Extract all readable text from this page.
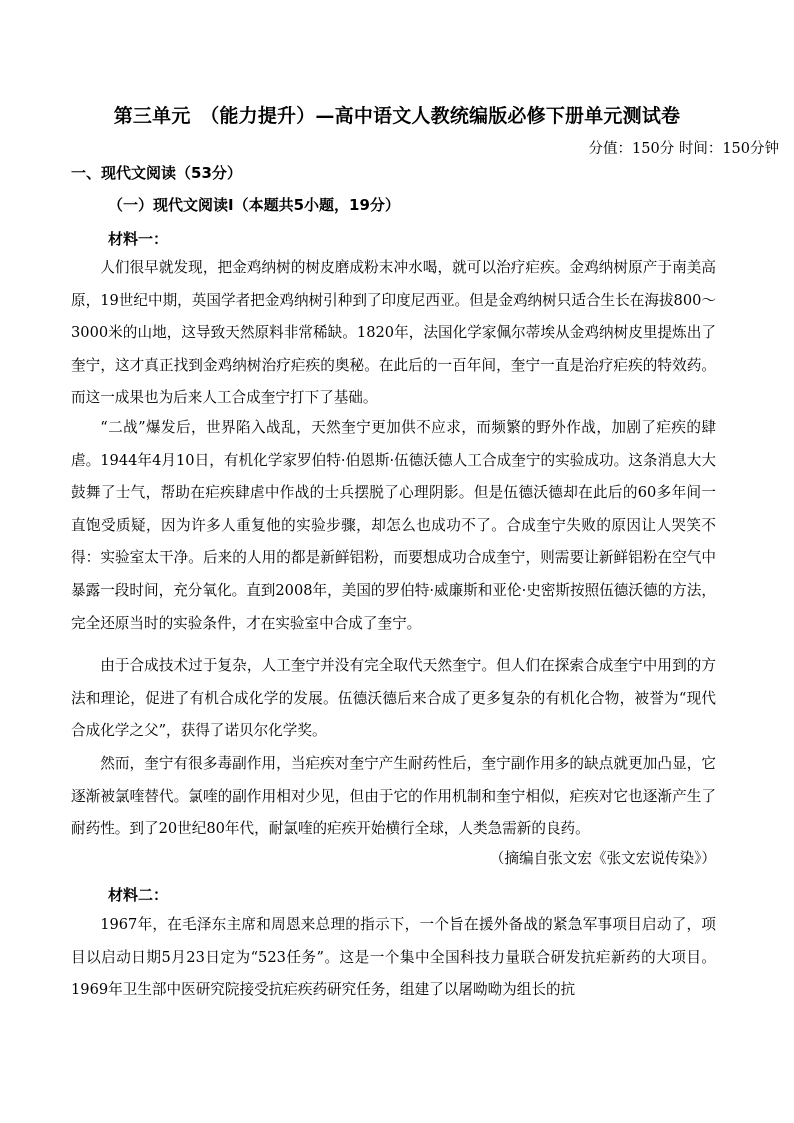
第三单元　（能力提升）—高中语文人教统编版必修下册单元测试卷
分值：150分 时间：150分钟
一、现代文阅读（53分）
（一）现代文阅读Ⅰ（本题共5小题，19分）
材料一：

人们很早就发现，把金鸡纳树的树皮磨成粉末冲水喝，就可以治疗疟疾。金鸡纳树原产于南美高原，19世纪中期，英国学者把金鸡纳树引种到了印度尼西亚。但是金鸡纳树只适合生长在海拔800～3000米的山地，这导致天然原料非常稀缺。1820年，法国化学家佩尔蒂埃从金鸡纳树皮里提炼出了奎宁，这才真正找到金鸡纳树治疗疟疾的奥秘。在此后的一百年间，奎宁一直是治疗疟疾的特效药。而这一成果也为后来人工合成奎宁打下了基础。

“二战”爆发后，世界陷入战乱，天然奎宁更加供不应求，而频繁的野外作战，加剧了疟疾的肆虐。1944年4月10日，有机化学家罗伯特·伯恩斯·伍德沃德人工合成奎宁的实验成功。这条消息大大鼓舞了士气，帮助在疟疾肆虐中作战的士兵摆脱了心理阴影。但是伍德沃德却在此后的60多年间一直饱受质疑，因为许多人重复他的实验步骤，却怎么也成功不了。合成奎宁失败的原因让人哭笑不得：实验室太干净。后来的人用的都是新鲜铝粉，而要想成功合成奎宁，则需要让新鲜铝粉在空气中暴露一段时间，充分氧化。直到2008年，美国的罗伯特·威廉斯和亚伦·史密斯按照伍德沃德的方法，完全还原当时的实验条件，才在实验室中合成了奎宁。

由于合成技术过于复杂，人工奎宁并没有完全取代天然奎宁。但人们在探索合成奎宁中用到的方法和理论，促进了有机合成化学的发展。伍德沃德后来合成了更多复杂的有机化合物，被誉为“现代合成化学之父”，获得了诺贝尔化学奖。

然而，奎宁有很多毒副作用，当疟疾对奎宁产生耐药性后，奎宁副作用多的缺点就更加凸显，它逐渐被氯喹替代。氯喹的副作用相对少见，但由于它的作用机制和奎宁相似，疟疾对它也逐渐产生了耐药性。到了20世纪80年代，耐氯喹的疟疾开始横行全球，人类急需新的良药。

（摘编自张文宏《张文宏说传染》）
材料二：

1967年，在毛泽东主席和周恩来总理的指示下，一个旨在援外备战的紧急军事项目启动了，项目以启动日期5月23日定为“523任务”。这是一个集中全国科技力量联合研发抗疟新药的大项目。1969年卫生部中医研究院接受抗疟疾药研究任务，组建了以屠呦呦为组长的抗
